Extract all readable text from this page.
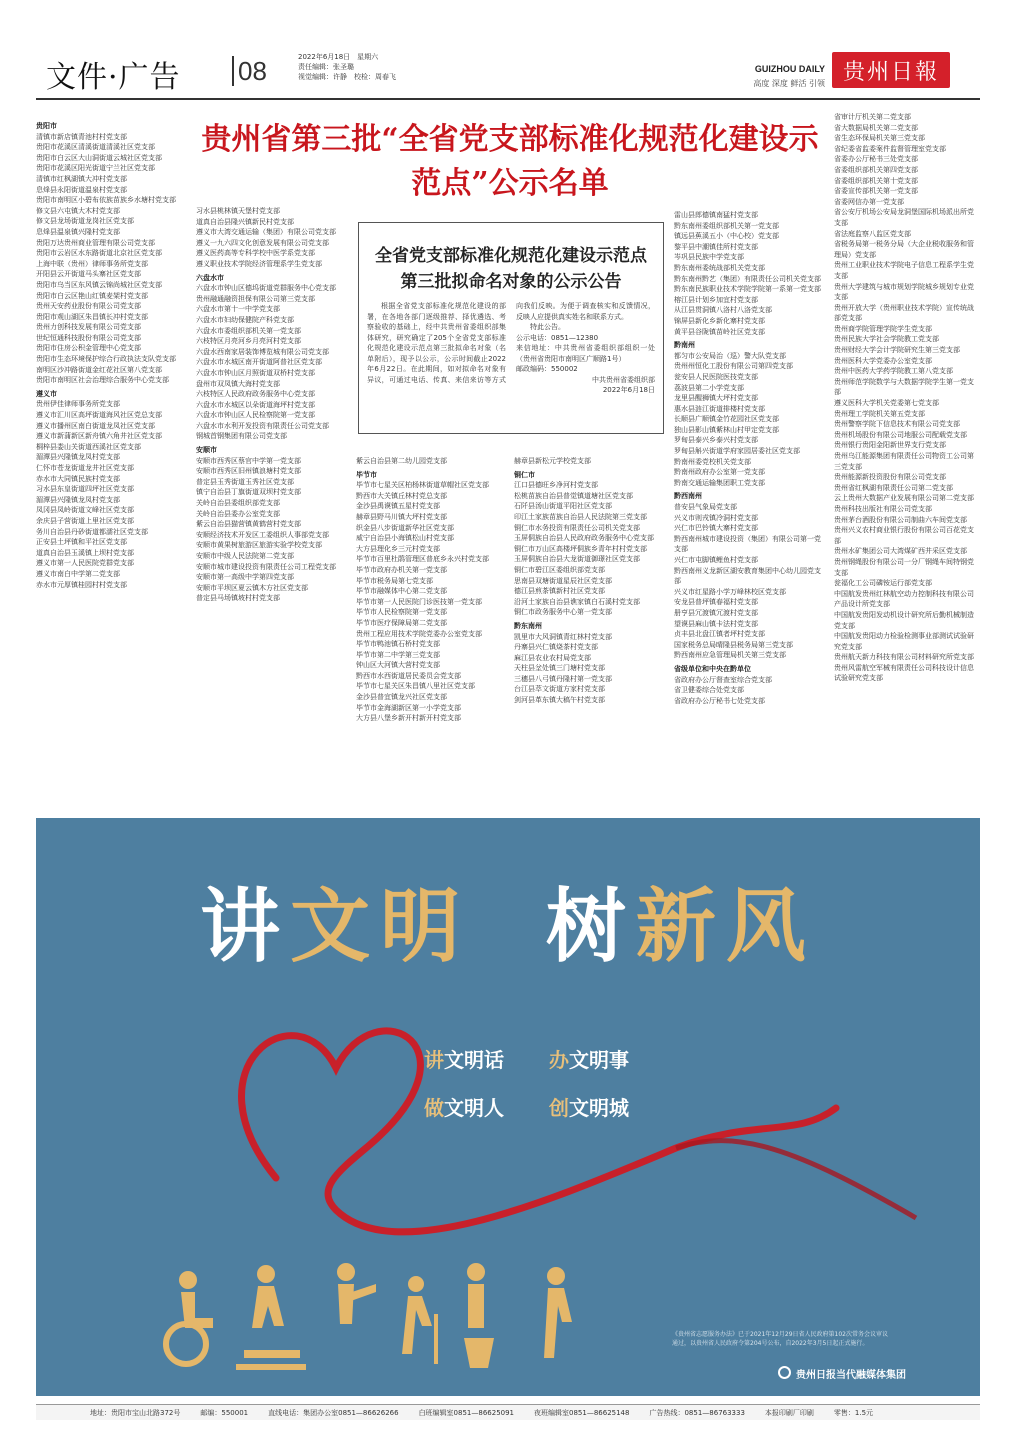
文件·广告 08	2022年6月18日　星期六
责任编辑：张圣璐
视觉编辑：许静　校检：周春飞
GUIZHOU DAILY
高度 深度 鲜活 引领 贵州日報
贵州省第三批“全省党支部标准化规范化建设示范点”公示名单

贵阳市

清镇市新店镇青池村村党支部

贵阳市花溪区清溪街道清溪社区党支部

贵阳市白云区大山洞街道云城社区党支部

贵阳市花溪区阳光街道宁兰社区党支部

清镇市红枫湖镇大冲村党支部

息烽县永阳街道温泉村党支部

贵阳市南明区小碧布依族苗族乡水塘村党支部

修文县六屯镇大木村党支部

修文县龙场街道龙岗社区党支部

息烽县温泉镇兴隆村党支部

贵阳万达贵州商业管理有限公司党支部

贵阳市云岩区水东路街道北京社区党支部

上海中联（贵州）律师事务所党支部

开阳县云开街道马头寨社区党支部

贵阳市乌当区东风镇云锦尚城社区党支部

贵阳市白云区艳山红镇麦架村党支部

贵州天安药业股份有限公司党支部

贵阳市观山湖区朱昌镇长冲村党支部

贵州力创科技发展有限公司党支部

世纪恒通科技股份有限公司党支部

贵阳市住房公积金管理中心党支部

贵阳市生态环境保护综合行政执法支队党支部

南明区沙冲路街道金红花社区第八党支部

贵阳市南明区社会治理综合服务中心党支部

遵义市

贵州伊佳律师事务所党支部

遵义市汇川区高坪街道海风社区党总支部

遵义市播州区南白街道龙凤社区党支部

遵义市新蒲新区新舟镇六角井社区党支部

桐梓县娄山关街道西溪社区党支部

湄潭县兴隆镇龙凤村党支部

仁怀市苍龙街道龙井社区党支部

赤水市大同镇民族村党支部

习水县东皇街道四坪社区党支部

湄潭县兴隆镇龙凤村党支部

凤冈县凤岭街道文峰社区党支部

余庆县子营街道上里社区党支部

务川自治县丹砂街道都濡社区党支部

正安县土坪镇和平社区党支部

道真自治县玉溪镇上坝村党支部

遵义市第一人民医院党群党支部

遵义市南白中学第二党支部

赤水市元厚镇桂园村村党支部

习水县桃林镇天堡村党支部

道真自治县隆兴镇新民村党支部

遵义市大湾交通运输（集团）有限公司党支部

遵义一九六四文化创意发展有限公司党支部

遵义医药高等专科学校中医学系党支部

遵义职业技术学院经济管理系学生党支部

六盘水市

六盘水市钟山区德坞街道党群服务中心党支部

贵州融通融资担保有限公司第三党支部

六盘水市第十一中学党支部

六盘水市妇幼保健院产科党支部

六盘水市委组织部机关第一党支部

六枝特区月亮河乡月亮河村党支部

六盘水西南家居装饰博览城有限公司党支部

六盘水市水城区南开街道阿普社区党支部

六盘水市钟山区月照街道双桥村党支部

盘州市双凤镇大海村党支部

六枝特区人民政府政务服务中心党支部

六盘水市水城区以朵街道海坪村党支部

六盘水市钟山区人民检察院第一党支部

六盘水市水利开发投资有限责任公司党支部

钢城首钢集团有限公司党支部

安顺市

安顺市西秀区蔡官中学第一党支部

安顺市西秀区旧州镇浪塘村党支部

普定县玉秀街道玉秀社区党支部

镇宁自治县丁旗街道双坝村党支部

关岭自治县委组织部党支部

关岭自治县委办公室党支部

紫云自治县猫营镇黄鹤营村党支部

安顺经济技术开发区工委组织人事部党支部

安顺市黄果树旅游区旅游实验学校党支部

安顺市中级人民法院第二党支部

安顺市城市建设投资有限责任公司工程党支部

安顺市第一高级中学第四党支部

安顺市平坝区夏云镇木方社区党支部

普定县马场镇坡村村党支部

全省党支部标准化规范化建设示范点第三批拟命名对象的公示公告

根据全省党支部标准化规范化建设的部署，在各地各部门逐级推荐、择优遴选、考察验收的基础上，经中共贵州省委组织部集体研究，研究确定了205个全省党支部标准化规范化建设示范点第三批拟命名对象（名单附后），现予以公示，公示时间截止2022年6月22日。在此期间，如对拟命名对象有异议，可通过电话、传真、来信来访等方式向我们反映。为便于调查核实和反馈情况，反映人应提供真实姓名和联系方式。

特此公告。

公示电话：0851—12380
来信地址：中共贵州省委组织部组织一处（贵州省贵阳市南明区广顺路1号）
邮政编码：550002
中共贵州省委组织部
2022年6月18日

紫云自治县第二幼儿园党支部

毕节市

毕节市七星关区柏杨林街道草帽社区党支部

黔西市大关镇丘林村党总支部

金沙县禹谟镇五星村党支部

赫章县野马川镇大坪村党支部

织金县八步街道新华社区党支部

威宁自治县小海镇松山村党支部

大方县理化乡三元村党支部

毕节市百里杜鹃管理区普底乡永兴村党支部

毕节市政府办机关第一党支部

毕节市税务局第七党支部

毕节市融媒体中心第二党支部

毕节市第一人民医院门诊医技第一党支部

毕节市人民检察院第一党支部

毕节市医疗保障局第二党支部

贵州工程应用技术学院党委办公室党支部

毕节市鸭池镇石桥村党支部

毕节市第二中学第三党支部

钟山区大河镇大营村党支部

黔西市水西街道居民委员会党支部

毕节市七星关区朱昌镇八里社区党支部

金沙县普宜镇龙兴社区党支部

毕节市金海湖新区第一小学党支部

大方县八堡乡新开村新开村党支部

赫章县新松元学校党支部

铜仁市

江口县德旺乡净河村党支部

松桃苗族自治县普觉镇道塘社区党支部

石阡县汤山街道平阳社区党支部

印江土家族苗族自治县人民法院第三党支部

铜仁市水务投资有限责任公司机关党支部

玉屏侗族自治县人民政府政务服务中心党支部

铜仁市万山区高楼坪侗族乡青年村村党支部

玉屏侗族自治县大龙街道御璟社区党支部

铜仁市碧江区委组织部党支部

思南县双塘街道星辰社区党支部

德江县煎茶镇新村社区党支部

沿河土家族自治县谯家镇白石溪村党支部

铜仁市政务服务中心第一党支部

黔东南州

凯里市大风洞镇青红林村党支部

丹寨县兴仁镇烧茶村党支部

麻江县农业农村局党支部

天柱县坌处镇三门塘村党支部

三穗县八弓镇丹隆村第一党支部

台江县萃文街道方家村党支部

剑河县革东镇大稿午村党支部

雷山县郎德镇南猛村党支部

黔东南州委组织部机关第一党支部

镇远县蕉溪五小（中心校）党支部

黎平县中潮镇佳所村党支部

岑巩县民族中学党支部

黔东南州委统战部机关党支部

黔东南州黔艺（集团）有限责任公司机关党支部

黔东南民族职业技术学院学院第一系第一党支部

榕江县计划乡加宜村党支部

从江县贯洞镇八洛村八洛党支部

锦屏县新化乡新化寨村党支部

黄平县谷陇镇苗岭社区党支部

黔南州

都匀市公安局治（巡）警大队党支部

贵州州恒化工股份有限公司第四党支部

瓮安县人民医院医技党支部

荔波县第二小学党支部

龙里县醒狮镇大坪村党支部

惠水县涟江街道排楼村党支部

长顺县广顺镇金竹花园社区党支部

独山县影山镇紫林山村甲定党支部

罗甸县泰兴乡泰兴村党支部

罗甸县斛兴街道学府家园居委社区党支部

黔南州委党校机关党支部

黔南州政府办公室第一党支部

黔南交通运输集团职工党支部

黔西南州

普安县气象局党支部

兴义市则戎镇冷洞村党支部

兴仁市巴铃镇大寨村党支部

黔西南州城市建设投资（集团）有限公司第一党支部

兴仁市屯脚镇鲤鱼村党支部

黔西南州义龙新区湖安教育集团中心幼儿园党支部

兴义市红星路小学万峰林校区党支部

安龙县普坪镇春福村党支部

册亨县冗渡镇冗渡村党支部

望谟县麻山镇卡法村党支部

贞丰县北盘江镇者坪村党支部

国家税务总局晴隆县税务局第三党支部

黔西南州应急管理局机关第三党支部

省级单位和中央在黔单位

省政府办公厅督查室综合党支部

省卫健委综合处党支部

省政府办公厅秘书七处党支部

省审计厅机关第二党支部

省大数据局机关第二党支部

省生态环保局机关第三党支部

省纪委省监委案件监督管理室党支部

省委办公厅秘书三处党支部

省委组织部机关第四党支部

省委组织部机关第十党支部

省委宣传部机关第一党支部

省委网信办第一党支部

省公安厅机场公安局龙洞堡国际机场派出所党支部

省法庭监察八监区党支部

省税务局第一税务分局（大企业税收服务和管理局）党支部

贵州工业职业技术学院电子信息工程系学生党支部

贵州大学建筑与城市规划学院城乡规划专业党支部

贵州开放大学（贵州职业技术学院）宣传统战部党支部

贵州商学院管理学院学生党支部

贵州民族大学社会学院教工党支部

贵州财经大学会计学院研究生第三党支部

贵州医科大学党委办公室党支部

贵州中医药大学药学院教工第八党支部

贵州师范学院数学与大数据学院学生第一党支部

遵义医科大学机关党委第七党支部

贵州理工学院机关第五党支部

贵州警察学院下信息技术有限公司党支部

贵州机场股份有限公司地服公司配载党支部

贵州银行贵阳金阳新世界支行党支部

贵州乌江能源集团有限责任公司物资工公司第三党支部

贵州能源新投资股份有限公司党支部

贵州省红枫湖有限责任公司第二党支部

云上贵州大数据产业发展有限公司第二党支部

贵州科技出版社有限公司党支部

贵州茅台酒股份有限公司制曲六车间党支部

贵州兴义农村商业银行股份有限公司百花党支部

贵州水矿集团公司大湾煤矿西井采区党支部

贵州钢绳股份有限公司一分厂钢绳车间特钢党支部

瓮福化工公司磷铵运行部党支部

中国航发贵州红林航空动力控制科技有限公司产品设计所党支部

中国航发贵阳发动机设计研究所后勤机械制造党支部

中国航发贵阳动力检验检测事业部测试试验研究党支部

贵州航天新力科技有限公司材料研究所党支部

贵州风雷航空军械有限责任公司科技设计信息试验研究党支部

讲文明  树新风
讲文明话 办文明事
做文明人 创文明城
《贵州省志愿服务办法》已于2021年12月29日省人民政府第102次常务会议审议通过，以贵州省人民政府令第204号公布，自2022年3月5日起正式施行。
贵州日报当代融媒体集团
地址：贵阳市宝山北路372号	邮编：550001	直线电话：集团办公室0851—86626266	白班编辑室0851—86625091	夜班编辑室0851—86625148	广告热线：0851—86763333	本报印刷厂印刷	零售：1.5元
